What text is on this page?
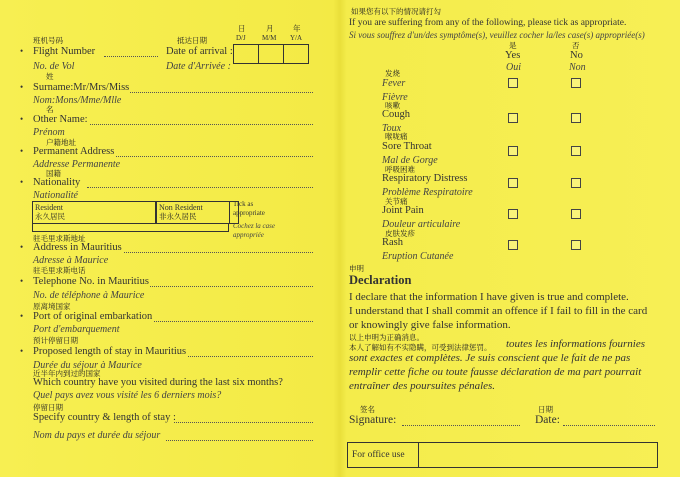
班机号码
• Flight Number
No. de Vol
抵达日期
Date of arrival :
Date d'Arrivée :
日
D/J
月
M/M
年
Y/A
姓
• Surname:Mr/Mrs/Miss
Nom:Mons/Mme/Mlle
名
• Other Name:
Prénom
户籍地址
• Permanent Address
Addresse Permanente
国籍
• Nationality
Nationalité
Resident
永久居民
Non Resident
非永久居民
Tick as
appropriate
Cochez la case
appropriée
驻毛里求斯地址
• Address in Mauritius
Adresse à Maurice
驻毛里求斯电话
• Telephone No. in Mauritius
No. de téléphone à Maurice
原离境国家
• Port of original embarkation
Port d'embarquement
预计停留日期
• Proposed length of stay in Mauritius
Durée du séjour à Maurice
近半年内到过的国家
Which country have you visited during the last six months?
Quel pays avez vous visité les 6 derniers mois?
停留日期
Specify country & length of stay :
Nom du pays et durée du séjour
如果您有以下的情况请打勾
If you are suffering from any of the following, please tick as appropriate.
Si vous souffrez d'un/des symptôme(s), veuillez cocher la/les case(s) appropriée(s)
是
Yes
Oui
否
No
Non
发烧
Fever
Fièvre
咳嗽
Cough
Toux
喉咙痛
Sore Throat
Mal de Gorge
呼吸困难
Respiratory Distress
Problème Respiratoire
关节痛
Joint Pain
Douleur articulaire
皮肤发疹
Rash
Eruption Cutanée
申明
Declaration
I declare that the information I have given is true and complete.
I understand that I shall commit an offence if I fail to fill in the card
or knowingly give false information.
以上申明为正确消息。
本人了解如有不实隐瞒，可受到法律惩罚。 toutes les informations fournies
sont exactes et complètes. Je suis conscient que le fait de ne pas
remplir cette fiche ou toute fausse déclaration de ma part pourrait
entraîner des poursuites pénales.
签名
Signature:
日期
Date:
For office use
